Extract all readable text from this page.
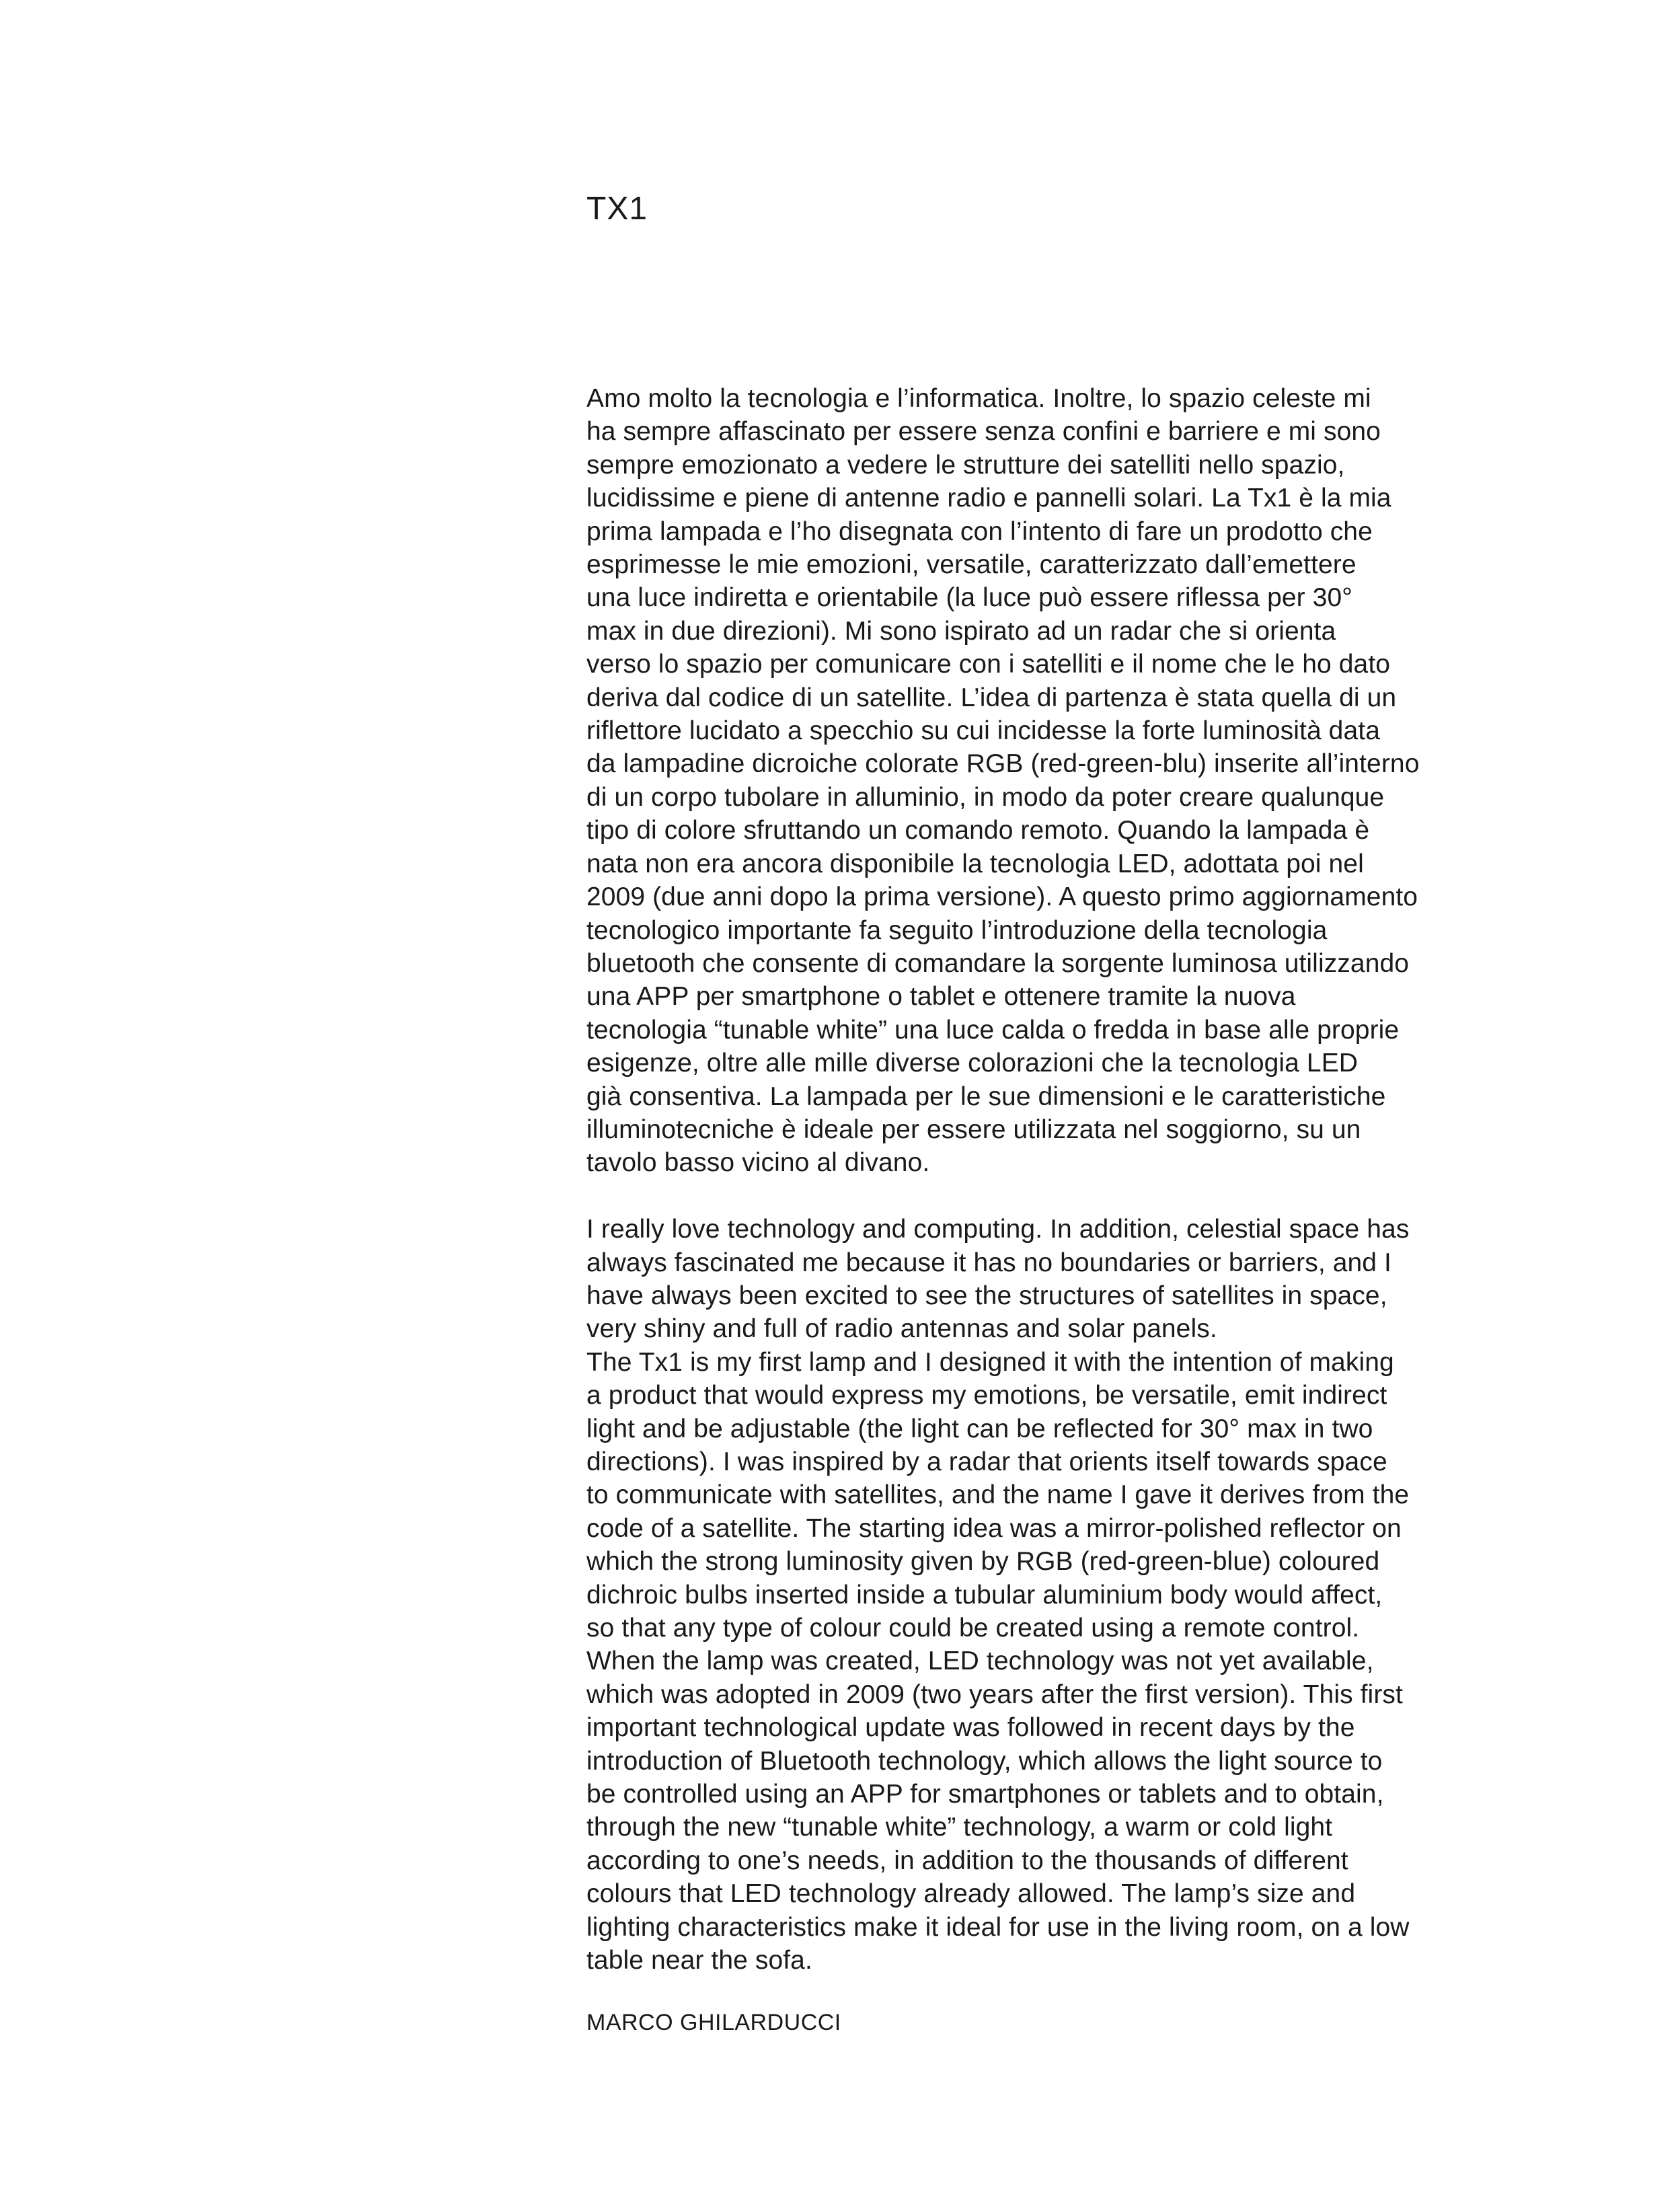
TX1
Amo molto la tecnologia e l’informatica. Inoltre, lo spazio celeste mi
ha sempre affascinato per essere senza confini e barriere e mi sono
sempre emozionato a vedere le strutture dei satelliti nello spazio,
lucidissime e piene di antenne radio e pannelli solari. La Tx1 è la mia
prima lampada e l’ho disegnata con l’intento di fare un prodotto che
esprimesse le mie emozioni, versatile, caratterizzato dall’emettere
una luce indiretta e orientabile (la luce può essere riflessa per 30°
max in due direzioni). Mi sono ispirato ad un radar che si orienta
verso lo spazio per comunicare con i satelliti e il nome che le ho dato
deriva dal codice di un satellite. L’idea di partenza è stata quella di un
riflettore lucidato a specchio su cui incidesse la forte luminosità data
da lampadine dicroiche colorate RGB (red-green-blu) inserite all’interno
di un corpo tubolare in alluminio, in modo da poter creare qualunque
tipo di colore sfruttando un comando remoto. Quando la lampada è
nata non era ancora disponibile la tecnologia LED, adottata poi nel
2009 (due anni dopo la prima versione). A questo primo aggiornamento
tecnologico importante fa seguito l’introduzione della tecnologia
bluetooth che consente di comandare la sorgente luminosa utilizzando
una APP per smartphone o tablet e ottenere tramite la nuova
tecnologia “tunable white” una luce calda o fredda in base alle proprie
esigenze, oltre alle mille diverse colorazioni che la tecnologia LED
già consentiva. La lampada per le sue dimensioni e le caratteristiche
illuminotecniche è ideale per essere utilizzata nel soggiorno, su un
tavolo basso vicino al divano.
I really love technology and computing. In addition, celestial space has
always fascinated me because it has no boundaries or barriers, and I
have always been excited to see the structures of satellites in space,
very shiny and full of radio antennas and solar panels.
The Tx1 is my first lamp and I designed it with the intention of making
a product that would express my emotions, be versatile, emit indirect
light and be adjustable (the light can be reflected for 30° max in two
directions). I was inspired by a radar that orients itself towards space
to communicate with satellites, and the name I gave it derives from the
code of a satellite. The starting idea was a mirror-polished reflector on
which the strong luminosity given by RGB (red-green-blue) coloured
dichroic bulbs inserted inside a tubular aluminium body would affect,
so that any type of colour could be created using a remote control.
When the lamp was created, LED technology was not yet available,
which was adopted in 2009 (two years after the first version). This first
important technological update was followed in recent days by the
introduction of Bluetooth technology, which allows the light source to
be controlled using an APP for smartphones or tablets and to obtain,
through the new “tunable white” technology, a warm or cold light
according to one’s needs, in addition to the thousands of different
colours that LED technology already allowed. The lamp’s size and
lighting characteristics make it ideal for use in the living room, on a low
table near the sofa.

MARCO GHILARDUCCI
